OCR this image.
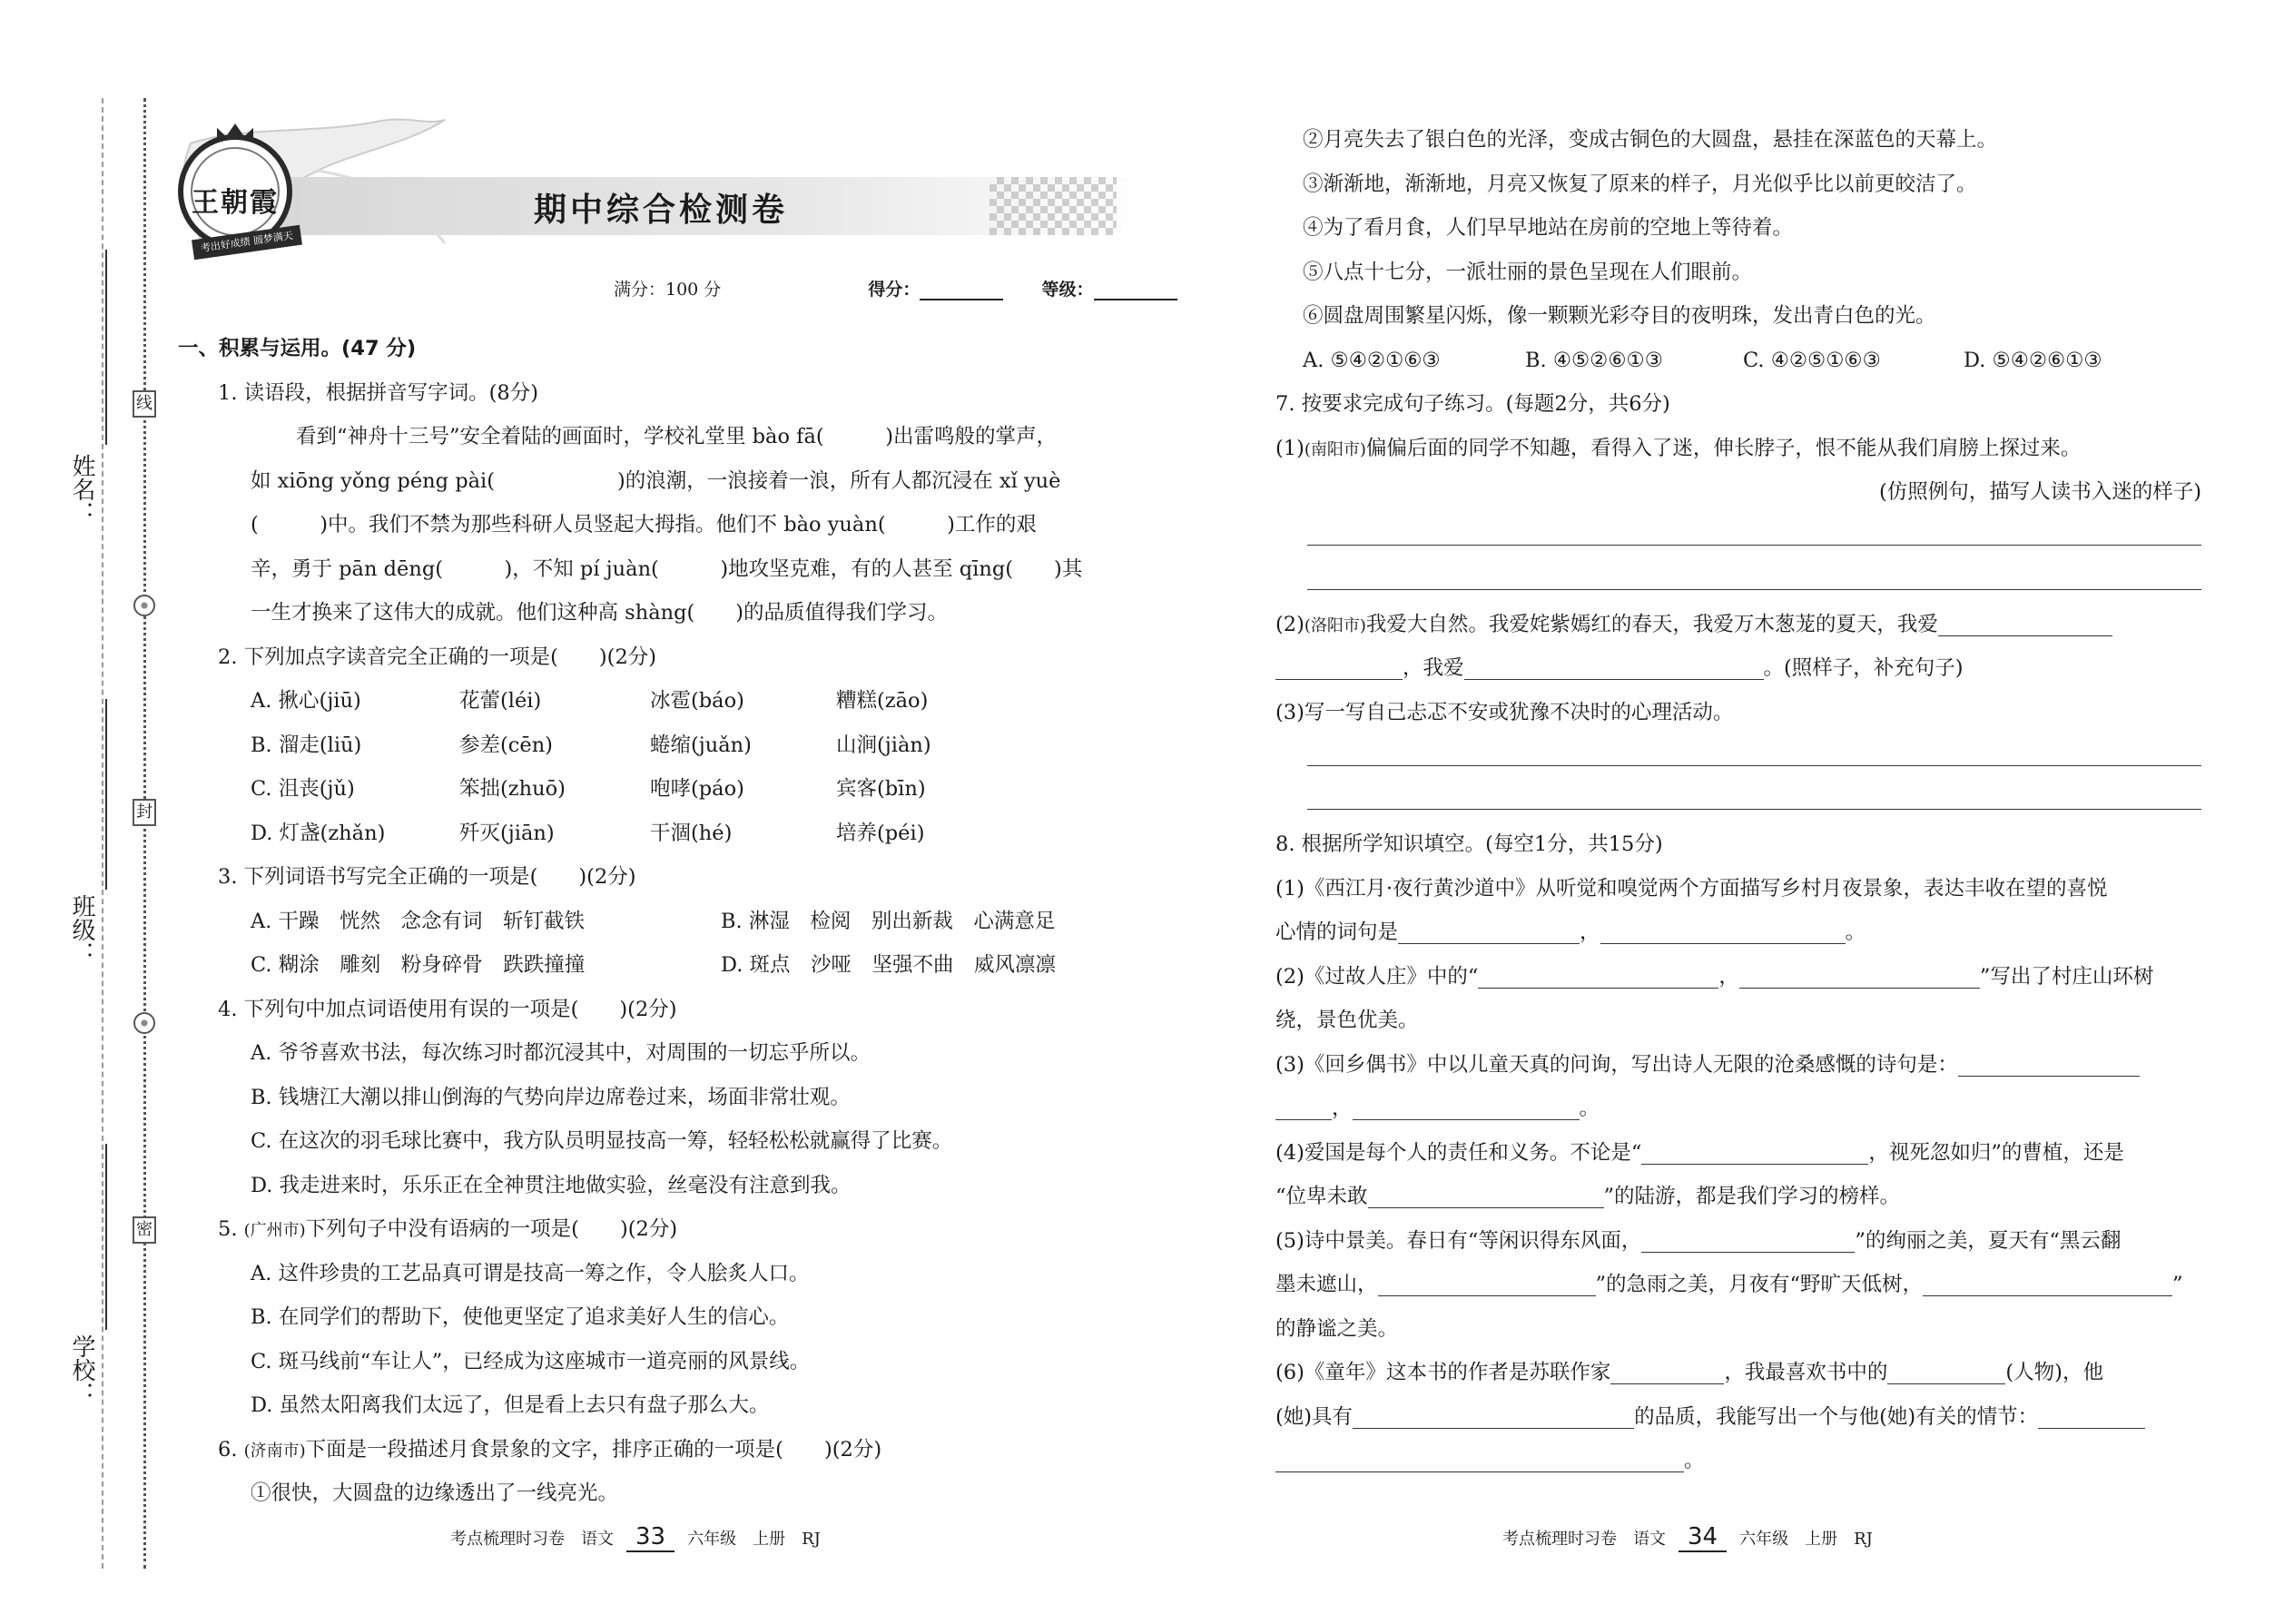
线
封
密
姓名：
班级：
学校：
王朝霞
考出好成绩 圆梦满天
期中综合检测卷
满分：100 分	得分：	等级：
一、积累与运用。(47 分)
1. 读语段，根据拼音写字词。(8分)
看到“神舟十三号”安全着陆的画面时，学校礼堂里 bào fā(　　　)出雷鸣般的掌声，
如 xiōng yǒng péng pài(　　　　　　)的浪潮，一浪接着一浪，所有人都沉浸在 xǐ yuè
(　　　)中。我们不禁为那些科研人员竖起大拇指。他们不 bào yuàn(　　　)工作的艰
辛，勇于 pān dēng(　　　)，不知 pí juàn(　　　)地攻坚克难，有的人甚至 qīng(　　)其
一生才换来了这伟大的成就。他们这种高 shàng(　　)的品质值得我们学习。
2. 下列加点字读音完全正确的一项是(　　)(2分)
A. 揪心(jiū)	花蕾(léi)	冰雹(báo)	糟糕(zāo)
B. 溜走(liū)	参差(cēn)	蜷缩(juǎn)	山涧(jiàn)
C. 沮丧(jǔ)	笨拙(zhuō)	咆哮(páo)	宾客(bīn)
D. 灯盏(zhǎn)	歼灭(jiān)	干涸(hé)	培养(péi)
3. 下列词语书写完全正确的一项是(　　)(2分)
A. 干躁　恍然　念念有词　斩钉截铁	B. 淋湿　检阅　别出新裁　心满意足
C. 糊涂　雕刻　粉身碎骨　跌跌撞撞	D. 斑点　沙哑　坚强不曲　威风凛凛
4. 下列句中加点词语使用有误的一项是(　　)(2分)
A. 爷爷喜欢书法，每次练习时都沉浸其中，对周围的一切忘乎所以。
B. 钱塘江大潮以排山倒海的气势向岸边席卷过来，场面非常壮观。
C. 在这次的羽毛球比赛中，我方队员明显技高一筹，轻轻松松就赢得了比赛。
D. 我走进来时，乐乐正在全神贯注地做实验，丝毫没有注意到我。
5. (广州市)下列句子中没有语病的一项是(　　)(2分)
A. 这件珍贵的工艺品真可谓是技高一筹之作，令人脍炙人口。
B. 在同学们的帮助下，使他更坚定了追求美好人生的信心。
C. 斑马线前“车让人”，已经成为这座城市一道亮丽的风景线。
D. 虽然太阳离我们太远了，但是看上去只有盘子那么大。
6. (济南市)下面是一段描述月食景象的文字，排序正确的一项是(　　)(2分)
①很快，大圆盘的边缘透出了一线亮光。
②月亮失去了银白色的光泽，变成古铜色的大圆盘，悬挂在深蓝色的天幕上。
③渐渐地，渐渐地，月亮又恢复了原来的样子，月光似乎比以前更皎洁了。
④为了看月食，人们早早地站在房前的空地上等待着。
⑤八点十七分，一派壮丽的景色呈现在人们眼前。
⑥圆盘周围繁星闪烁，像一颗颗光彩夺目的夜明珠，发出青白色的光。
A. ⑤④②①⑥③	B. ④⑤②⑥①③	C. ④②⑤①⑥③	D. ⑤④②⑥①③
7. 按要求完成句子练习。(每题2分，共6分)
(1)(南阳市)偏偏后面的同学不知趣，看得入了迷，伸长脖子，恨不能从我们肩膀上探过来。
(仿照例句，描写人读书入迷的样子)
(2)(洛阳市)我爱大自然。我爱姹紫嫣红的春天，我爱万木葱茏的夏天，我爱
，我爱	。(照样子，补充句子)
(3)写一写自己忐忑不安或犹豫不决时的心理活动。
8. 根据所学知识填空。(每空1分，共15分)
(1)《西江月·夜行黄沙道中》从听觉和嗅觉两个方面描写乡村月夜景象，表达丰收在望的喜悦
心情的词句是	，	。
(2)《过故人庄》中的“	，	”写出了村庄山环树
绕，景色优美。
(3)《回乡偶书》中以儿童天真的问询，写出诗人无限的沧桑感慨的诗句是：
，	。
(4)爱国是每个人的责任和义务。不论是“	，视死忽如归”的曹植，还是
“位卑未敢	”的陆游，都是我们学习的榜样。
(5)诗中景美。春日有“等闲识得东风面，	”的绚丽之美，夏天有“黑云翻
墨未遮山，	”的急雨之美，月夜有“野旷天低树，	”
的静谧之美。
(6)《童年》这本书的作者是苏联作家	，我最喜欢书中的	(人物)，他
(她)具有	的品质，我能写出一个与他(她)有关的情节：
。
考点梳理时习卷　语文 33 六年级　上册　RJ	考点梳理时习卷　语文 34 六年级　上册　RJ
